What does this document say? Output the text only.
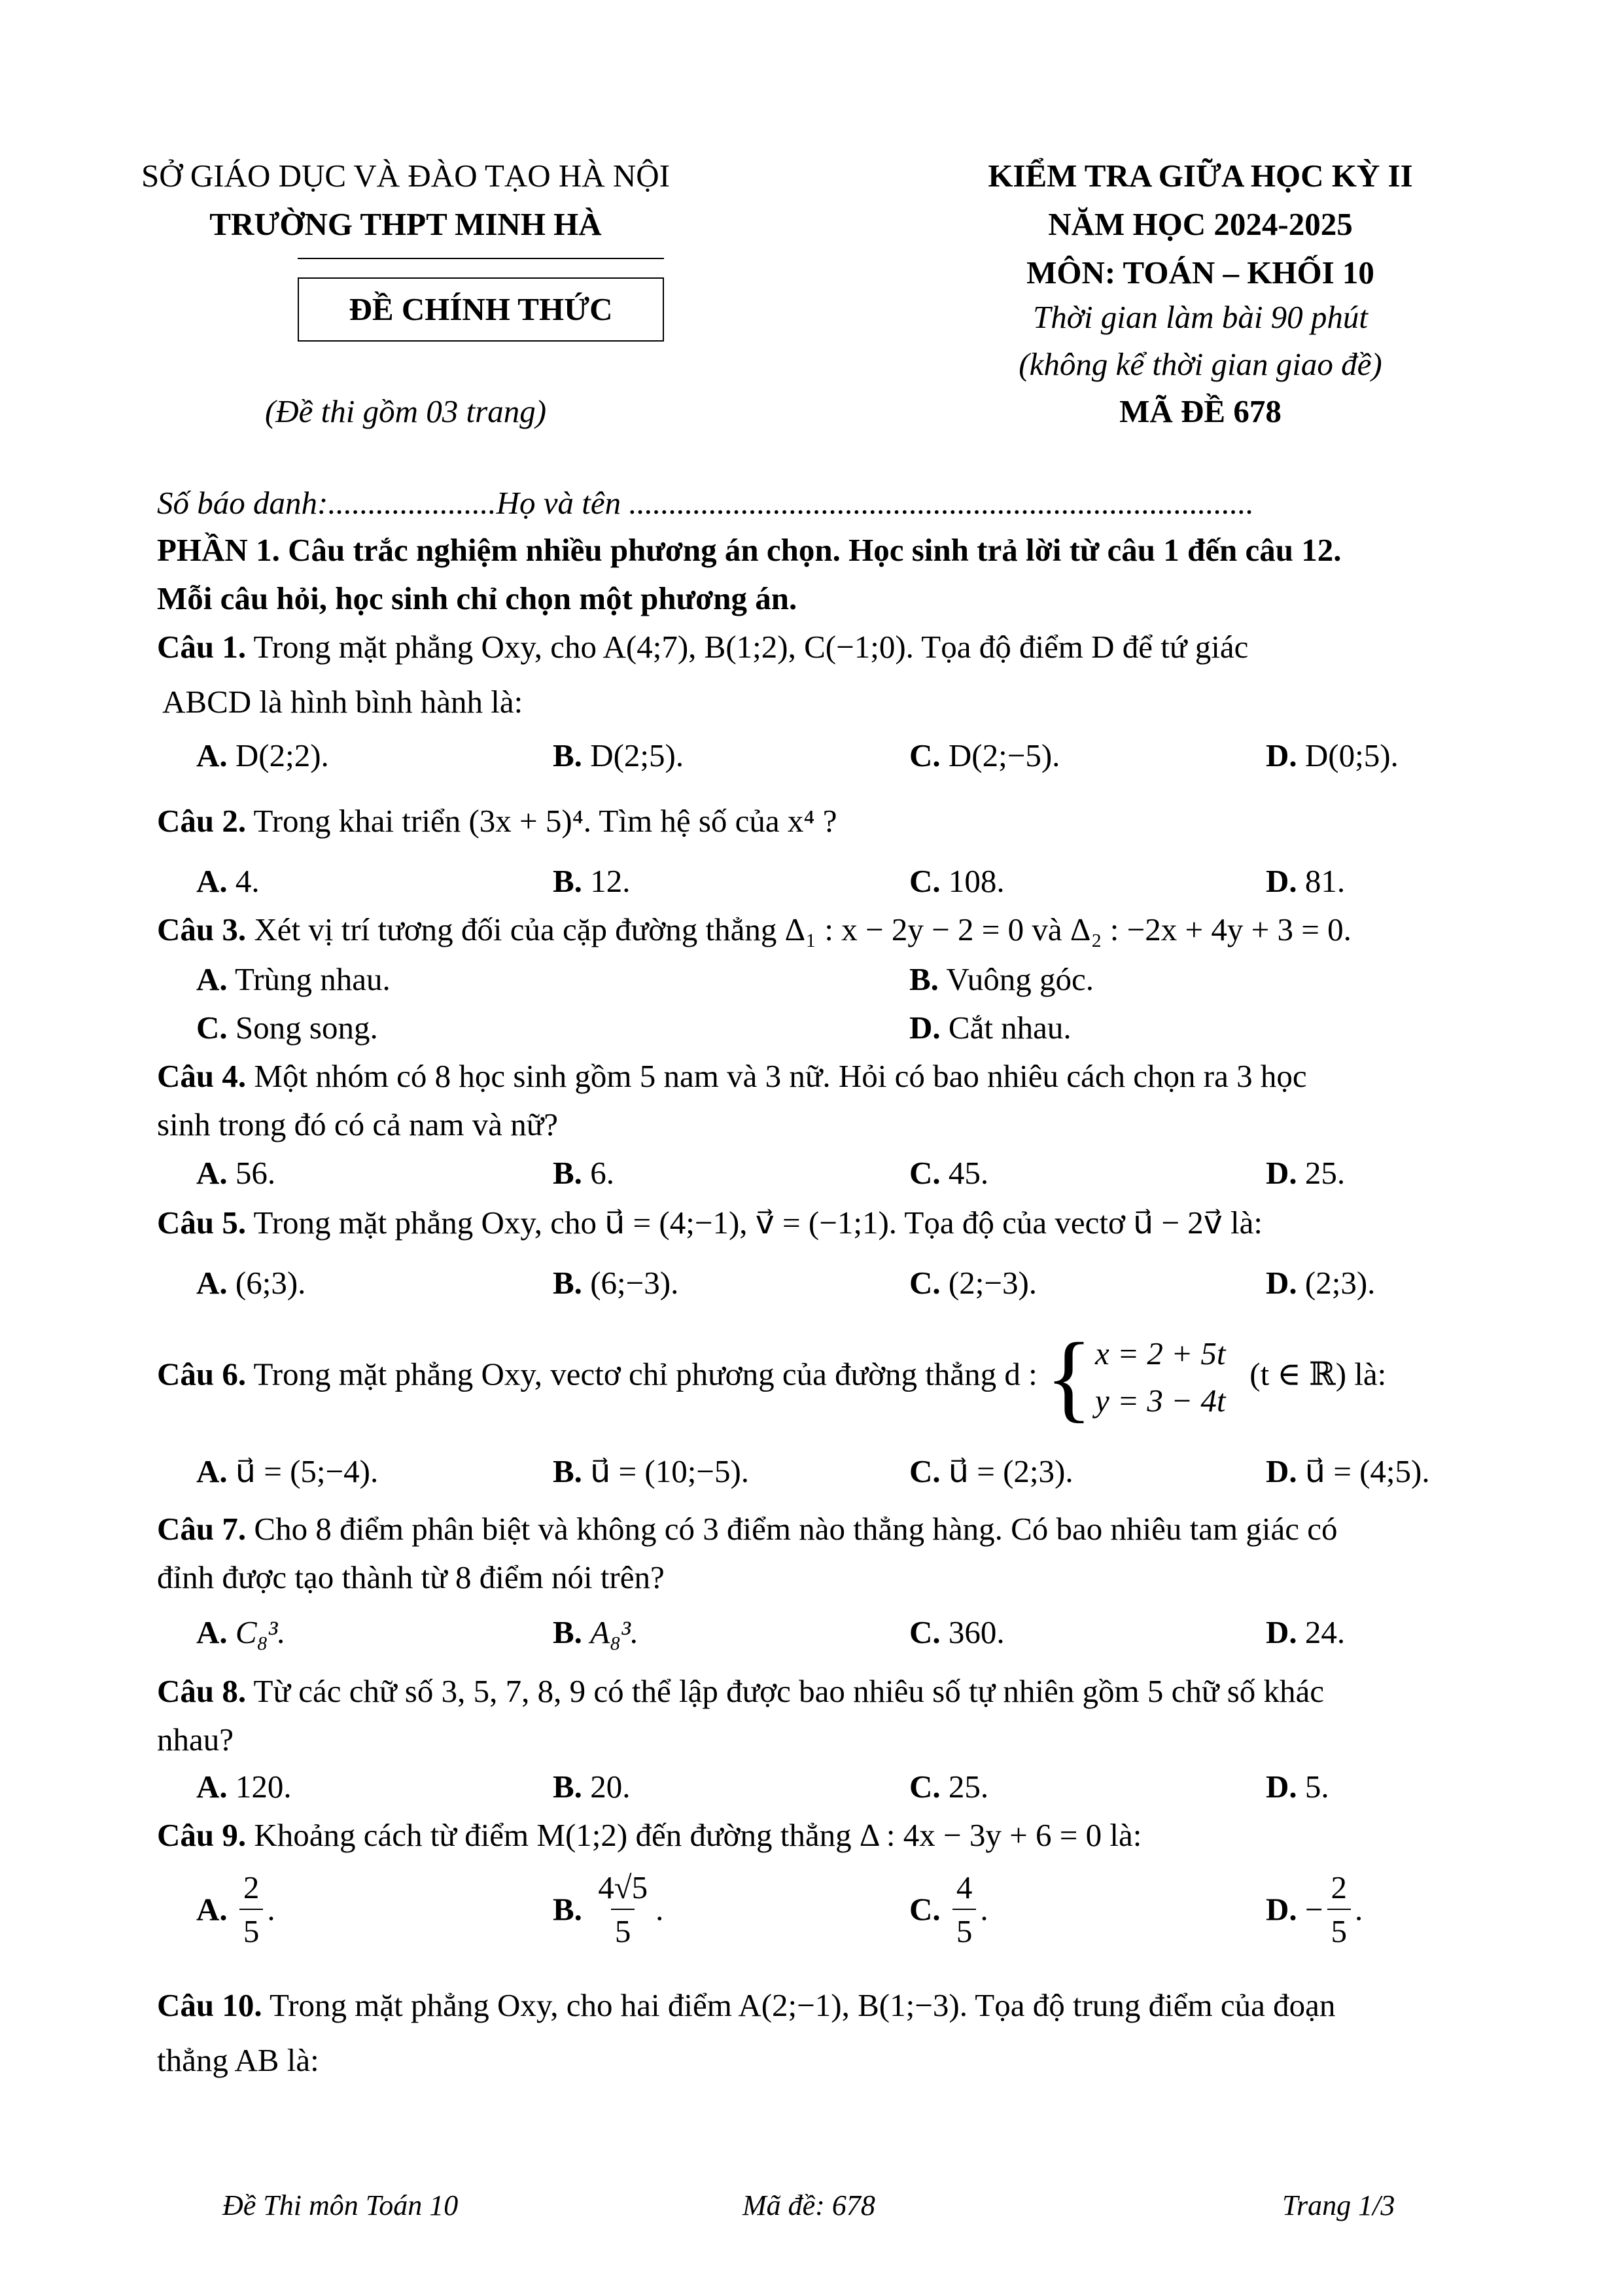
SỞ GIÁO DỤC VÀ ĐÀO TẠO HÀ NỘI
TRƯỜNG THPT MINH HÀ
ĐỀ CHÍNH THỨC
(Đề thi gồm 03 trang)
KIỂM TRA GIỮA HỌC KỲ II
NĂM HỌC 2024-2025
MÔN: TOÁN – KHỐI 10
Thời gian làm bài 90 phút
(không kể thời gian giao đề)
MÃ ĐỀ 678
Số báo danh:.....................Họ và tên ..............................................................................
PHẦN 1. Câu trắc nghiệm nhiều phương án chọn. Học sinh trả lời từ câu 1 đến câu 12.
Mỗi câu hỏi, học sinh chỉ chọn một phương án.
Câu 1. Trong mặt phẳng Oxy, cho A(4;7), B(1;2), C(−1;0). Tọa độ điểm D để tứ giác
ABCD là hình bình hành là:
A. D(2;2).	B. D(2;5).	C. D(2;−5).	D. D(0;5).
Câu 2. Trong khai triển (3x + 5)⁴. Tìm hệ số của x⁴ ?
A. 4.	B. 12.	C. 108.	D. 81.
Câu 3. Xét vị trí tương đối của cặp đường thẳng Δ₁ : x − 2y − 2 = 0 và Δ₂ : −2x + 4y + 3 = 0.
A. Trùng nhau.	B. Vuông góc.
C. Song song.	D. Cắt nhau.
Câu 4. Một nhóm có 8 học sinh gồm 5 nam và 3 nữ. Hỏi có bao nhiêu cách chọn ra 3 học
sinh trong đó có cả nam và nữ?
A. 56.	B. 6.	C. 45.	D. 25.
Câu 5. Trong mặt phẳng Oxy, cho u⃗ = (4;−1), v⃗ = (−1;1). Tọa độ của vectơ u⃗ − 2v⃗ là:
A. (6;3).	B. (6;−3).	C. (2;−3).	D. (2;3).
Câu 6. Trong mặt phẳng Oxy, vectơ chỉ phương của đường thẳng d : { x = 2 + 5t
y = 3 − 4t
(t ∈ ℝ) là:
A. u⃗ = (5;−4).	B. u⃗ = (10;−5).	C. u⃗ = (2;3).	D. u⃗ = (4;5).
Câu 7. Cho 8 điểm phân biệt và không có 3 điểm nào thẳng hàng. Có bao nhiêu tam giác có
đỉnh được tạo thành từ 8 điểm nói trên?
A. C₈³.	B. A₈³.	C. 360.	D. 24.
Câu 8. Từ các chữ số 3, 5, 7, 8, 9 có thể lập được bao nhiêu số tự nhiên gồm 5 chữ số khác
nhau?
A. 120.	B. 20.	C. 25.	D. 5.
Câu 9. Khoảng cách từ điểm M(1;2) đến đường thẳng Δ : 4x − 3y + 6 = 0 là:
A. $\frac{2}{5}$ .	B. $\frac{4√5}{5}$ .	C. $\frac{4}{5}$ .	D. − $\frac{2}{5}$ .
Câu 10. Trong mặt phẳng Oxy, cho hai điểm A(2;−1), B(1;−3). Tọa độ trung điểm của đoạn
thẳng AB là:
Đề Thi môn Toán 10	Mã đề: 678	Trang 1/3
